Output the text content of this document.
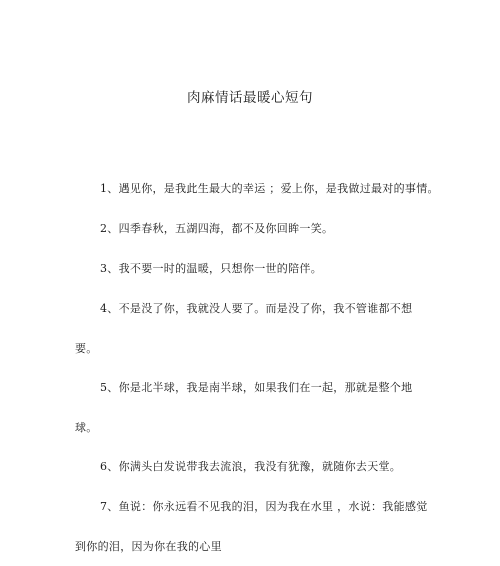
肉麻情话最暖心短句
1、遇见你，是我此生最大的幸运 ；爱上你，是我做过最对的事情。
2、四季春秋，五湖四海，都不及你回眸一笑。
3、我不要一时的温暖，只想你一世的陪伴。
4、不是没了你，我就没人要了。而是没了你，我不管谁都不想
要。
5、你是北半球，我是南半球，如果我们在一起，那就是整个地
球。
6、你满头白发说带我去流浪，我没有犹豫，就随你去天堂。
7、鱼说：你永远看不见我的泪，因为我在水里 ，水说：我能感觉
到你的泪，因为你在我的心里
